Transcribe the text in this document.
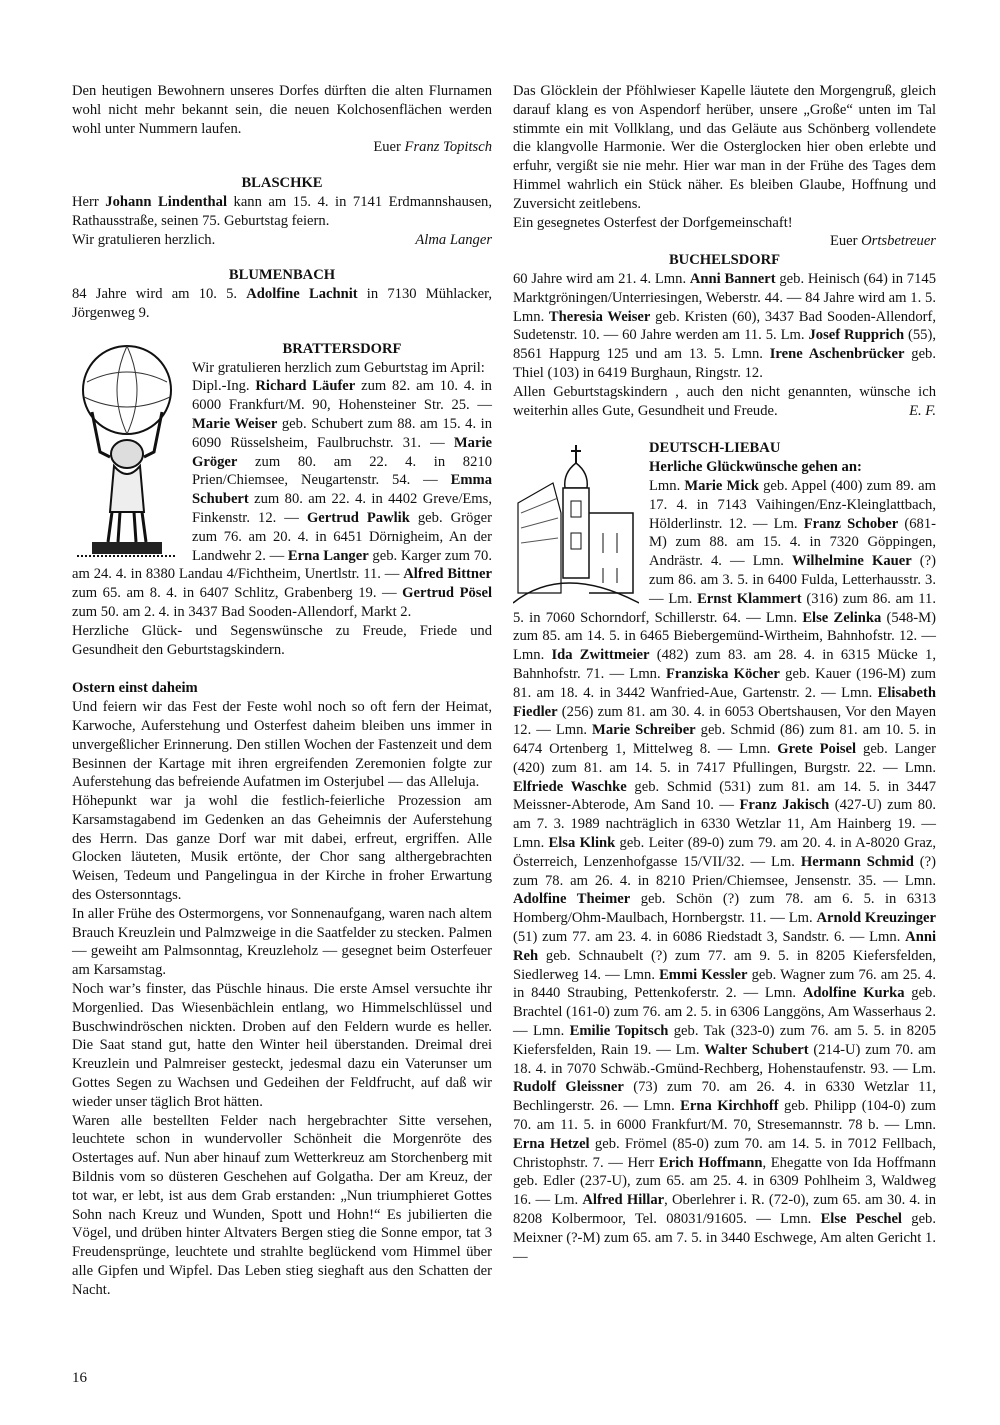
Den heutigen Bewohnern unseres Dorfes dürften die alten Flurnamen wohl nicht mehr bekannt sein, die neuen Kolchosenflächen werden wohl unter Nummern laufen.

Euer Franz Topitsch

BLASCHKE

Herr Johann Lindenthal kann am 15. 4. in 7141 Erdmannshausen, Rathausstraße, seinen 75. Geburtstag feiern.

Wir gratulieren herzlich.	Alma Langer

BLUMENBACH

84 Jahre wird am 10. 5. Adolfine Lachnit in 7130 Mühlacker, Jörgenweg 9.

BRATTERSDORF

Wir gratulieren herzlich zum Geburtstag im April:

Dipl.-Ing. Richard Läufer zum 82. am 10. 4. in 6000 Frankfurt/M. 90, Hohensteiner Str. 25. — Marie Weiser geb. Schubert zum 88. am 15. 4. in 6090 Rüsselsheim, Faulbruchstr. 31. — Marie Gröger zum 80. am 22. 4. in 8210 Prien/Chiemsee, Neugartenstr. 54. — Emma Schubert zum 80. am 22. 4. in 4402 Greve/Ems, Finkenstr. 12. — Gertrud Pawlik geb. Gröger zum 76. am 20. 4. in 6451 Dörnigheim, An der Landwehr 2. — Erna Langer geb. Karger zum 70. am 24. 4. in 8380 Landau 4/Fichtheim, Unertlstr. 11. — Alfred Bittner zum 65. am 8. 4. in 6407 Schlitz, Grabenberg 19. — Gertrud Pösel zum 50. am 2. 4. in 3437 Bad Sooden-Allendorf, Markt 2.

Herzliche Glück- und Segenswünsche zu Freude, Friede und Gesundheit den Geburtstagskindern.

Ostern einst daheim

Und feiern wir das Fest der Feste wohl noch so oft fern der Heimat, Karwoche, Auferstehung und Osterfest daheim bleiben uns immer in unvergeßlicher Erinnerung. Den stillen Wochen der Fastenzeit und dem Besinnen der Kartage mit ihren ergreifenden Zeremonien folgte zur Auferstehung das befreiende Aufatmen im Osterjubel — das Alleluja.

Höhepunkt war ja wohl die festlich-feierliche Prozession am Karsamstagabend im Gedenken an das Geheimnis der Auferstehung des Herrn. Das ganze Dorf war mit dabei, erfreut, ergriffen. Alle Glocken läuteten, Musik ertönte, der Chor sang althergebrachten Weisen, Tedeum und Pangelingua in der Kirche in froher Erwartung des Ostersonntags.

In aller Frühe des Ostermorgens, vor Sonnenaufgang, waren nach altem Brauch Kreuzlein und Palmzweige in die Saatfelder zu stecken. Palmen — geweiht am Palmsonntag, Kreuzleholz — gesegnet beim Osterfeuer am Karsamstag.

Noch war’s finster, das Püschle hinaus. Die erste Amsel versuchte ihr Morgenlied. Das Wiesenbächlein entlang, wo Himmelschlüssel und Buschwindröschen nickten. Droben auf den Feldern wurde es heller. Die Saat stand gut, hatte den Winter heil überstanden. Dreimal drei Kreuzlein und Palmreiser gesteckt, jedesmal dazu ein Vaterunser um Gottes Segen zu Wachsen und Gedeihen der Feldfrucht, auf daß wir wieder unser täglich Brot hätten.

Waren alle bestellten Felder nach hergebrachter Sitte versehen, leuchtete schon in wundervoller Schönheit die Morgenröte des Ostertages auf. Nun aber hinauf zum Wetterkreuz am Storchenberg mit Bildnis vom so düsteren Geschehen auf Golgatha. Der am Kreuz, der tot war, er lebt, ist aus dem Grab erstanden: „Nun triumphieret Gottes Sohn nach Kreuz und Wunden, Spott und Hohn!“ Es jubilierten die Vögel, und drüben hinter Altvaters Bergen stieg die Sonne empor, tat 3 Freudensprünge, leuchtete und strahlte beglückend vom Himmel über alle Gipfen und Wipfel. Das Leben stieg sieghaft aus den Schatten der Nacht.

Das Glöcklein der Pföhlwieser Kapelle läutete den Morgengruß, gleich darauf klang es von Aspendorf herüber, unsere „Große“ unten im Tal stimmte ein mit Vollklang, und das Geläute aus Schönberg vollendete die klangvolle Harmonie. Wer die Osterglocken hier oben erlebte und erfuhr, vergißt sie nie mehr. Hier war man in der Frühe des Tages dem Himmel wahrlich ein Stück näher. Es bleiben Glaube, Hoffnung und Zuversicht zeitlebens.

Ein gesegnetes Osterfest der Dorfgemeinschaft!

Euer Ortsbetreuer

BUCHELSDORF

60 Jahre wird am 21. 4. Lmn. Anni Bannert geb. Heinisch (64) in 7145 Marktgröningen/Unterriesingen, Weberstr. 44. — 84 Jahre wird am 1. 5. Lmn. Theresia Weiser geb. Kristen (60), 3437 Bad Sooden-Allendorf, Sudetenstr. 10. — 60 Jahre werden am 11. 5. Lm. Josef Rupprich (55), 8561 Happurg 125 und am 13. 5. Lmn. Irene Aschenbrücker geb. Thiel (103) in 6419 Burghaun, Ringstr. 12.

Allen Geburtstagskindern , auch den nicht genannten, wünsche ich weiterhin alles Gute, Gesundheit und Freude.	E. F.

DEUTSCH-LIEBAU

Herliche Glückwünsche gehen an:

Lmn. Marie Mick geb. Appel (400) zum 89. am 17. 4. in 7143 Vaihingen/Enz-Kleinglattbach, Hölderlinstr. 12. — Lm. Franz Schober (681-M) zum 88. am 15. 4. in 7320 Göppingen, Andrästr. 4. — Lmn. Wilhelmine Kauer (?) zum 86. am 3. 5. in 6400 Fulda, Letterhausstr. 3. — Lm. Ernst Klammert (316) zum 86. am 11. 5. in 7060 Schorndorf, Schillerstr. 64. — Lmn. Else Zelinka (548-M) zum 85. am 14. 5. in 6465 Biebergemünd-Wirtheim, Bahnhofstr. 12. — Lmn. Ida Zwittmeier (482) zum 83. am 28. 4. in 6315 Mücke 1, Bahnhofstr. 71. — Lmn. Franziska Köcher geb. Kauer (196-M) zum 81. am 18. 4. in 3442 Wanfried-Aue, Gartenstr. 2. — Lmn. Elisabeth Fiedler (256) zum 81. am 30. 4. in 6053 Obertshausen, Vor den Mayen 12. — Lmn. Marie Schreiber geb. Schmid (86) zum 81. am 10. 5. in 6474 Ortenberg 1, Mittelweg 8. — Lmn. Grete Poisel geb. Langer (420) zum 81. am 14. 5. in 7417 Pfullingen, Burgstr. 22. — Lmn. Elfriede Waschke geb. Schmid (531) zum 81. am 14. 5. in 3447 Meissner-Abterode, Am Sand 10. — Franz Jakisch (427-U) zum 80. am 7. 3. 1989 nachträglich in 6330 Wetzlar 11, Am Hainberg 19. — Lmn. Elsa Klink geb. Leiter (89-0) zum 79. am 20. 4. in A-8020 Graz, Österreich, Lenzenhofgasse 15/VII/32. — Lm. Hermann Schmid (?) zum 78. am 26. 4. in 8210 Prien/Chiemsee, Jensenstr. 35. — Lmn. Adolfine Theimer geb. Schön (?) zum 78. am 6. 5. in 6313 Homberg/Ohm-Maulbach, Hornbergstr. 11. — Lm. Arnold Kreuzinger (51) zum 77. am 23. 4. in 6086 Riedstadt 3, Sandstr. 6. — Lmn. Anni Reh geb. Schnaubelt (?) zum 77. am 9. 5. in 8205 Kiefersfelden, Siedlerweg 14. — Lmn. Emmi Kessler geb. Wagner zum 76. am 25. 4. in 8440 Straubing, Pettenkoferstr. 2. — Lmn. Adolfine Kurka geb. Brachtel (161-0) zum 76. am 2. 5. in 6306 Langgöns, Am Wasserhaus 2. — Lmn. Emilie Topitsch geb. Tak (323-0) zum 76. am 5. 5. in 8205 Kiefersfelden, Rain 19. — Lm. Walter Schubert (214-U) zum 70. am 18. 4. in 7070 Schwäb.-Gmünd-Rechberg, Hohenstaufenstr. 93. — Lm. Rudolf Gleissner (73) zum 70. am 26. 4. in 6330 Wetzlar 11, Bechlingerstr. 26. — Lmn. Erna Kirchhoff geb. Philipp (104-0) zum 70. am 11. 5. in 6000 Frankfurt/M. 70, Stresemannstr. 78 b. — Lmn. Erna Hetzel geb. Frömel (85-0) zum 70. am 14. 5. in 7012 Fellbach, Christophstr. 7. — Herr Erich Hoffmann, Ehegatte von Ida Hoffmann geb. Edler (237-U), zum 65. am 25. 4. in 6309 Pohlheim 3, Waldweg 16. — Lm. Alfred Hillar, Oberlehrer i. R. (72-0), zum 65. am 30. 4. in 8208 Kolbermoor, Tel. 08031/91605. — Lmn. Else Peschel geb. Meixner (?-M) zum 65. am 7. 5. in 3440 Eschwege, Am alten Gericht 1. —

16
